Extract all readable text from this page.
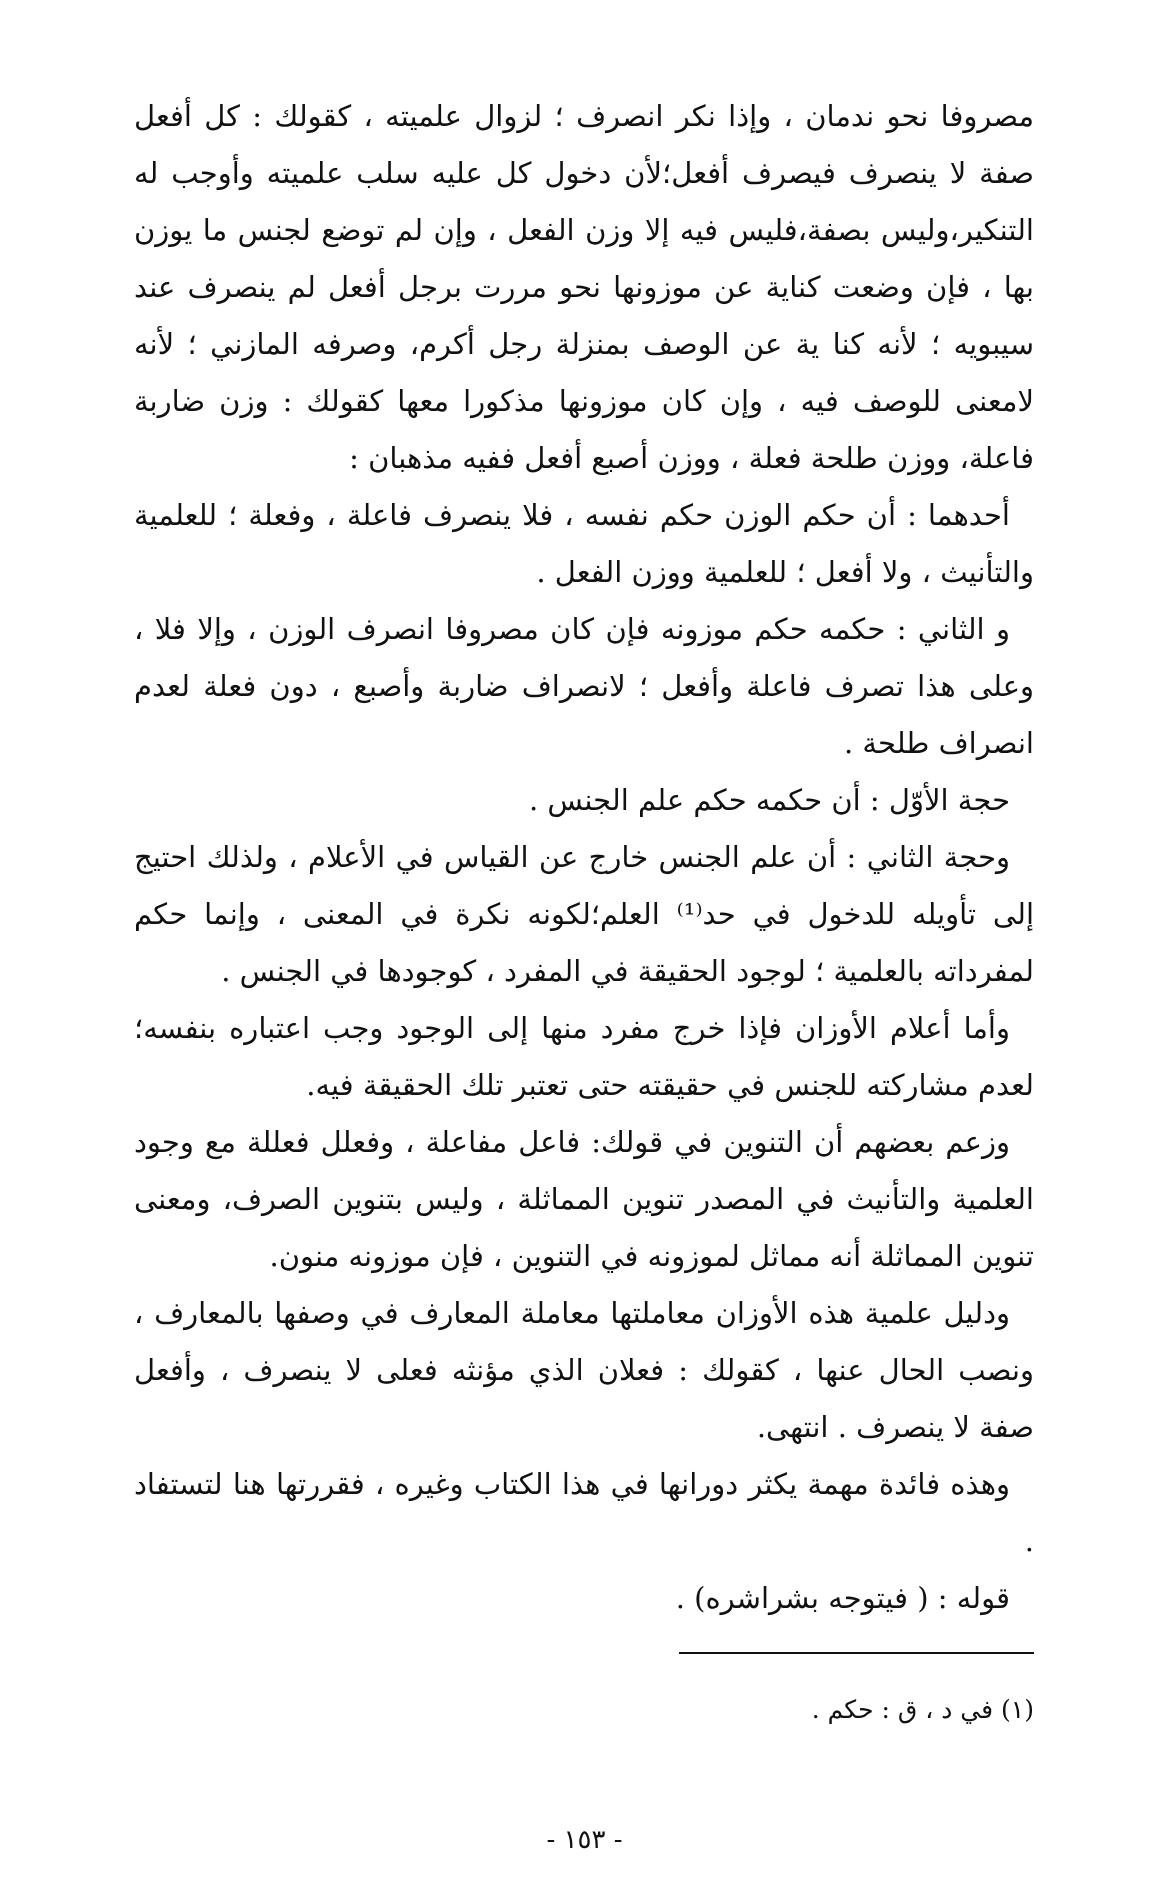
مصروفا نحو ندمان ، وإذا نكر انصرف ؛ لزوال علميته ، كقولك : كل أفعل صفة لا ينصرف فيصرف أفعل؛لأن دخول كل عليه سلب علميته وأوجب له التنكير،وليس بصفة،فليس فيه إلا وزن الفعل ، وإن لم توضع لجنس ما يوزن بها ، فإن وضعت كناية عن موزونها نحو مررت برجل أفعل لم ينصرف عند سيبويه ؛ لأنه كنا ية عن الوصف بمنزلة رجل أكرم، وصرفه المازني ؛ لأنه لامعنى للوصف فيه ، وإن كان موزونها مذكورا معها كقولك : وزن ضاربة فاعلة، ووزن طلحة فعلة ، ووزن أصبع أفعل ففيه مذهبان :

أحدهما : أن حكم الوزن حكم نفسه ، فلا ينصرف فاعلة ، وفعلة ؛ للعلمية والتأنيث ، ولا أفعل ؛ للعلمية ووزن الفعل .

و الثاني : حكمه حكم موزونه فإن كان مصروفا انصرف الوزن ، وإلا فلا ، وعلى هذا تصرف فاعلة وأفعل ؛ لانصراف ضاربة وأصبع ، دون فعلة لعدم انصراف طلحة .

حجة الأوّل : أن حكمه حكم علم الجنس .

وحجة الثاني : أن علم الجنس خارج عن القياس في الأعلام ، ولذلك احتيج إلى تأويله للدخول في حد⁽¹⁾ العلم؛لكونه نكرة في المعنى ، وإنما حكم لمفرداته بالعلمية ؛ لوجود الحقيقة في المفرد ، كوجودها في الجنس .

وأما أعلام الأوزان فإذا خرج مفرد منها إلى الوجود وجب اعتباره بنفسه؛لعدم مشاركته للجنس في حقيقته حتى تعتبر تلك الحقيقة فيه.

وزعم بعضهم أن التنوين في قولك: فاعل مفاعلة ، وفعلل فعللة مع وجود العلمية والتأنيث في المصدر تنوين المماثلة ، وليس بتنوين الصرف، ومعنى تنوين المماثلة أنه مماثل لموزونه في التنوين ، فإن موزونه منون.

ودليل علمية هذه الأوزان معاملتها معاملة المعارف في وصفها بالمعارف ، ونصب الحال عنها ، كقولك : فعلان الذي مؤنثه فعلى لا ينصرف ، وأفعل صفة لا ينصرف . انتهى.

وهذه فائدة مهمة يكثر دورانها في هذا الكتاب وغيره ، فقررتها هنا لتستفاد .

قوله : ( فيتوجه بشراشره) .

(١) في د ، ق : حكم .
- ١٥٣ -
